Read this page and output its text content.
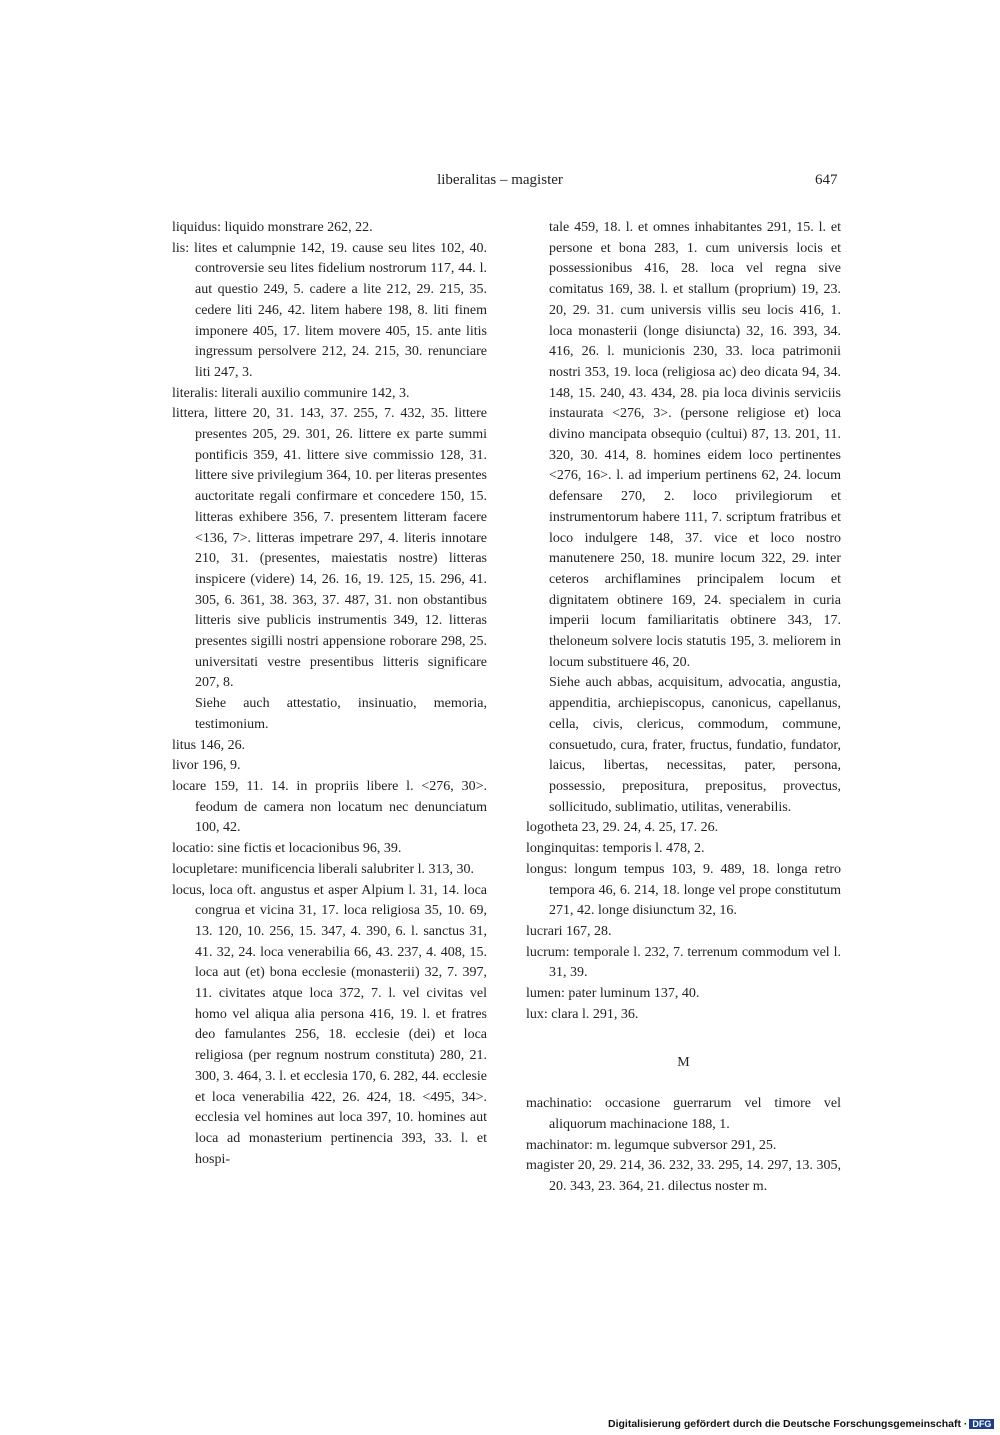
liberalitas – magister	647

liquidus: liquido monstrare 262, 22.

lis: lites et calumpnie 142, 19. cause seu lites 102, 40. controversie seu lites fidelium nostrorum 117, 44. l. aut questio 249, 5. cadere a lite 212, 29. 215, 35. cedere liti 246, 42. litem habere 198, 8. liti finem imponere 405, 17. litem movere 405, 15. ante litis ingressum persolvere 212, 24. 215, 30. renunciare liti 247, 3.

literalis: literali auxilio communire 142, 3.

littera, littere 20, 31. 143, 37. 255, 7. 432, 35. littere presentes 205, 29. 301, 26. littere ex parte summi pontificis 359, 41. littere sive commissio 128, 31. littere sive privilegium 364, 10. per literas presentes auctoritate regali confirmare et concedere 150, 15. litteras exhibere 356, 7. presentem litteram facere <136, 7>. litteras impetrare 297, 4. literis innotare 210, 31. (presentes, maiestatis nostre) litteras inspicere (videre) 14, 26. 16, 19. 125, 15. 296, 41. 305, 6. 361, 38. 363, 37. 487, 31. non obstantibus litteris sive publicis instrumentis 349, 12. litteras presentes sigilli nostri appensione roborare 298, 25. universitati vestre presentibus litteris significare 207, 8.

Siehe auch attestatio, insinuatio, memoria, testimonium.

litus 146, 26.

livor 196, 9.

locare 159, 11. 14. in propriis libere l. <276, 30>. feodum de camera non locatum nec denunciatum 100, 42.

locatio: sine fictis et locacionibus 96, 39.

locupletare: munificencia liberali salubriter l. 313, 30.

locus, loca oft. angustus et asper Alpium l. 31, 14. loca congrua et vicina 31, 17. loca religiosa 35, 10. 69, 13. 120, 10. 256, 15. 347, 4. 390, 6. l. sanctus 31, 41. 32, 24. loca venerabilia 66, 43. 237, 4. 408, 15. loca aut (et) bona ecclesie (monasterii) 32, 7. 397, 11. civitates atque loca 372, 7. l. vel civitas vel homo vel aliqua alia persona 416, 19. l. et fratres deo famulantes 256, 18. ecclesie (dei) et loca religiosa (per regnum nostrum constituta) 280, 21. 300, 3. 464, 3. l. et ecclesia 170, 6. 282, 44. ecclesie et loca venerabilia 422, 26. 424, 18. <495, 34>. ecclesia vel homines aut loca 397, 10. homines aut loca ad monasterium pertinencia 393, 33. l. et hospi-

tale 459, 18. l. et omnes inhabitantes 291, 15. l. et persone et bona 283, 1. cum universis locis et possessionibus 416, 28. loca vel regna sive comitatus 169, 38. l. et stallum (proprium) 19, 23. 20, 29. 31. cum universis villis seu locis 416, 1. loca monasterii (longe disiuncta) 32, 16. 393, 34. 416, 26. l. municionis 230, 33. loca patrimonii nostri 353, 19. loca (religiosa ac) deo dicata 94, 34. 148, 15. 240, 43. 434, 28. pia loca divinis serviciis instaurata <276, 3>. (persone religiose et) loca divino mancipata obsequio (cultui) 87, 13. 201, 11. 320, 30. 414, 8. homines eidem loco pertinentes <276, 16>. l. ad imperium pertinens 62, 24. locum defensare 270, 2. loco privilegiorum et instrumentorum habere 111, 7. scriptum fratribus et loco indulgere 148, 37. vice et loco nostro manutenere 250, 18. munire locum 322, 29. inter ceteros archiflamines principalem locum et dignitatem obtinere 169, 24. specialem in curia imperii locum familiaritatis obtinere 343, 17. theloneum solvere locis statutis 195, 3. meliorem in locum substituere 46, 20.

Siehe auch abbas, acquisitum, advocatia, angustia, appenditia, archiepiscopus, canonicus, capellanus, cella, civis, clericus, commodum, commune, consuetudo, cura, frater, fructus, fundatio, fundator, laicus, libertas, necessitas, pater, persona, possessio, prepositura, prepositus, provectus, sollicitudo, sublimatio, utilitas, venerabilis.

logotheta 23, 29. 24, 4. 25, 17. 26.

longinquitas: temporis l. 478, 2.

longus: longum tempus 103, 9. 489, 18. longa retro tempora 46, 6. 214, 18. longe vel prope constitutum 271, 42. longe disiunctum 32, 16.

lucrari 167, 28.

lucrum: temporale l. 232, 7. terrenum commodum vel l. 31, 39.

lumen: pater luminum 137, 40.

lux: clara l. 291, 36.

M

machinatio: occasione guerrarum vel timore vel aliquorum machinacione 188, 1.

machinator: m. legumque subversor 291, 25.

magister 20, 29. 214, 36. 232, 33. 295, 14. 297, 13. 305, 20. 343, 23. 364, 21. dilectus noster m.

Digitalisierung gefördert durch die Deutsche Forschungsgemeinschaft · DFG
